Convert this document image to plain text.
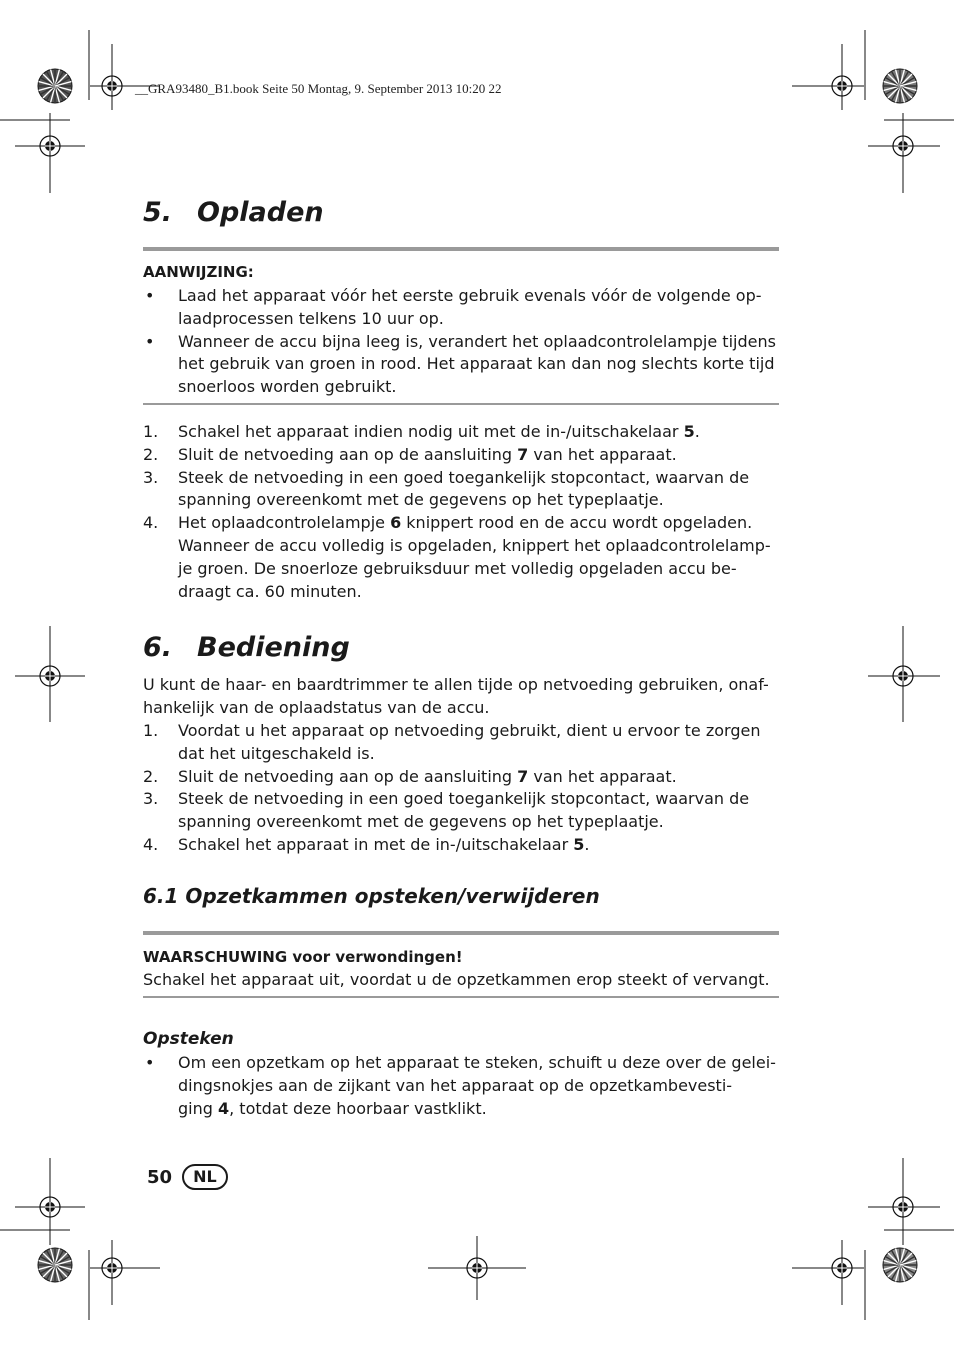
__GRA93480_B1.book Seite 50 Montag, 9. September 2013 10:20 22
5. Opladen
AANWIJZING:
• Laad het apparaat vóór het eerste gebruik evenals vóór de volgende op-
laadprocessen telkens 10 uur op.
• Wanneer de accu bijna leeg is, verandert het oplaadcontrolelampje tijdens
het gebruik van groen in rood. Het apparaat kan dan nog slechts korte tijd
snoerloos worden gebruikt.
1. Schakel het apparaat indien nodig uit met de in-/uitschakelaar 5.
2. Sluit de netvoeding aan op de aansluiting 7 van het apparaat.
3. Steek de netvoeding in een goed toegankelijk stopcontact, waarvan de
spanning overeenkomt met de gegevens op het typeplaatje.
4. Het oplaadcontrolelampje 6 knippert rood en de accu wordt opgeladen.
Wanneer de accu volledig is opgeladen, knippert het oplaadcontrolelamp-
je groen. De snoerloze gebruiksduur met volledig opgeladen accu be-
draagt ca. 60 minuten.
6. Bediening
U kunt de haar- en baardtrimmer te allen tijde op netvoeding gebruiken, onaf-
hankelijk van de oplaadstatus van de accu.
1. Voordat u het apparaat op netvoeding gebruikt, dient u ervoor te zorgen
dat het uitgeschakeld is.
2. Sluit de netvoeding aan op de aansluiting 7 van het apparaat.
3. Steek de netvoeding in een goed toegankelijk stopcontact, waarvan de
spanning overeenkomt met de gegevens op het typeplaatje.
4. Schakel het apparaat in met de in-/uitschakelaar 5.
6.1 Opzetkammen opsteken/verwijderen
WAARSCHUWING voor verwondingen!
Schakel het apparaat uit, voordat u de opzetkammen erop steekt of vervangt.
Opsteken
• Om een opzetkam op het apparaat te steken, schuift u deze over de gelei-
dingsnokjes aan de zijkant van het apparaat op de opzetkambevesti-
ging 4, totdat deze hoorbaar vastklikt.
50	NL
